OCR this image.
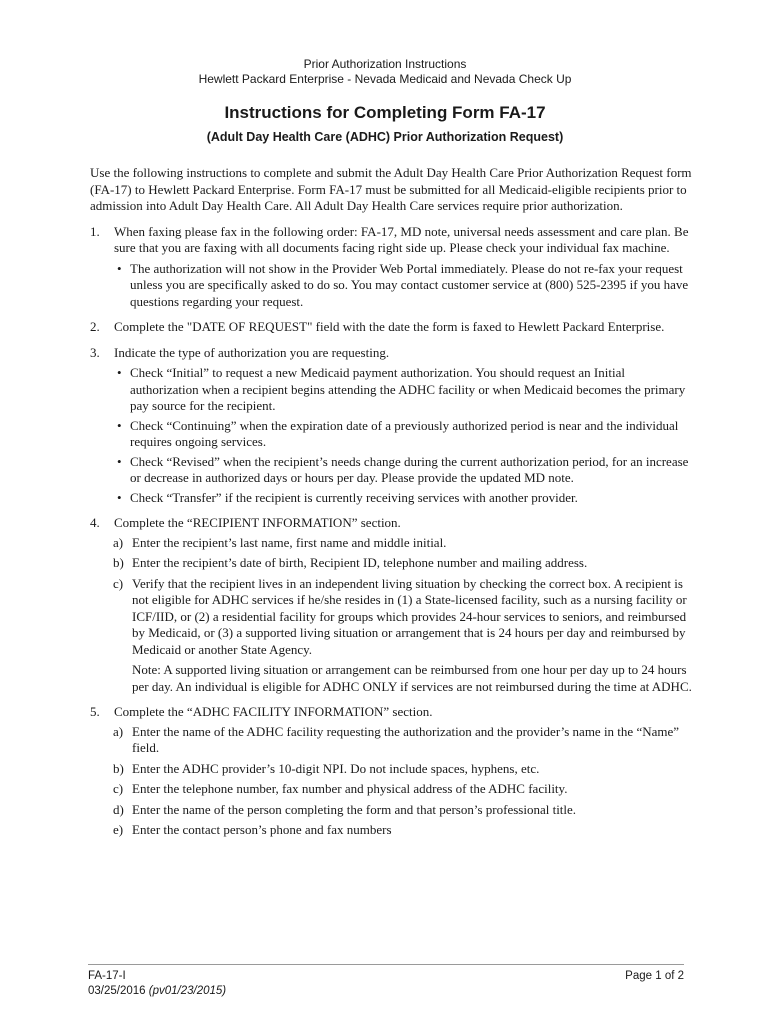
Prior Authorization Instructions
Hewlett Packard Enterprise - Nevada Medicaid and Nevada Check Up
Instructions for Completing Form FA-17
(Adult Day Health Care (ADHC) Prior Authorization Request)

Use the following instructions to complete and submit the Adult Day Health Care Prior Authorization Request form (FA-17) to Hewlett Packard Enterprise. Form FA-17 must be submitted for all Medicaid-eligible recipients prior to admission into Adult Day Health Care. All Adult Day Health Care services require prior authorization.

1. When faxing please fax in the following order: FA-17, MD note, universal needs assessment and care plan. Be sure that you are faxing with all documents facing right side up. Please check your individual fax machine.
• The authorization will not show in the Provider Web Portal immediately. Please do not re-fax your request unless you are specifically asked to do so. You may contact customer service at (800) 525-2395 if you have questions regarding your request.
2. Complete the "DATE OF REQUEST" field with the date the form is faxed to Hewlett Packard Enterprise.
3. Indicate the type of authorization you are requesting.
• Check “Initial” to request a new Medicaid payment authorization. You should request an Initial authorization when a recipient begins attending the ADHC facility or when Medicaid becomes the primary pay source for the recipient.
• Check “Continuing” when the expiration date of a previously authorized period is near and the individual requires ongoing services.
• Check “Revised” when the recipient’s needs change during the current authorization period, for an increase or decrease in authorized days or hours per day. Please provide the updated MD note.
• Check “Transfer” if the recipient is currently receiving services with another provider.
4. Complete the “RECIPIENT INFORMATION” section.
a) Enter the recipient’s last name, first name and middle initial.
b) Enter the recipient’s date of birth, Recipient ID, telephone number and mailing address.
c) Verify that the recipient lives in an independent living situation by checking the correct box. A recipient is not eligible for ADHC services if he/she resides in (1) a State-licensed facility, such as a nursing facility or ICF/IID, or (2) a residential facility for groups which provides 24-hour services to seniors, and reimbursed by Medicaid, or (3) a supported living situation or arrangement that is 24 hours per day and reimbursed by Medicaid or another State Agency.
Note: A supported living situation or arrangement can be reimbursed from one hour per day up to 24 hours per day. An individual is eligible for ADHC ONLY if services are not reimbursed during the time at ADHC.
5. Complete the “ADHC FACILITY INFORMATION” section.
a) Enter the name of the ADHC facility requesting the authorization and the provider’s name in the “Name” field.
b) Enter the ADHC provider’s 10-digit NPI. Do not include spaces, hyphens, etc.
c) Enter the telephone number, fax number and physical address of the ADHC facility.
d) Enter the name of the person completing the form and that person’s professional title.
e) Enter the contact person’s phone and fax numbers
FA-17-I	Page 1 of 2
03/25/2016 (pv01/23/2015)
